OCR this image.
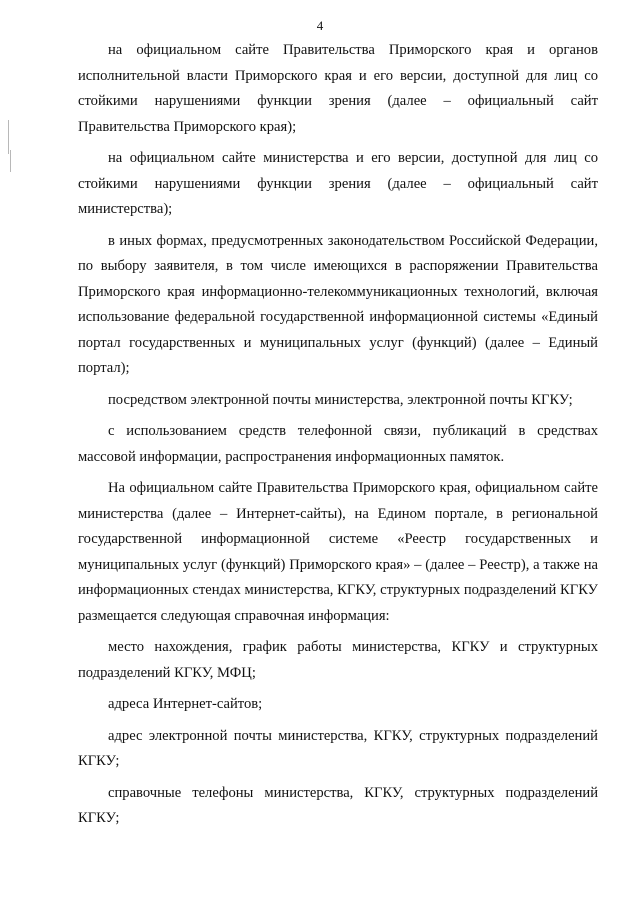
4

на официальном сайте Правительства Приморского края и органов исполнительной власти Приморского края и его версии, доступной для лиц со стойкими нарушениями функции зрения (далее – официальный сайт Правительства Приморского края);

на официальном сайте министерства и его версии, доступной для лиц со стойкими нарушениями функции зрения (далее – официальный сайт министерства);

в иных формах, предусмотренных законодательством Российской Федерации, по выбору заявителя, в том числе имеющихся в распоряжении Правительства Приморского края информационно-телекоммуникационных технологий, включая использование федеральной государственной информационной системы «Единый портал государственных и муниципальных услуг (функций) (далее – Единый портал);

посредством электронной почты министерства, электронной почты КГКУ;

с использованием средств телефонной связи, публикаций в средствах массовой информации, распространения информационных памяток.

На официальном сайте Правительства Приморского края, официальном сайте министерства (далее – Интернет-сайты), на Едином портале, в региональной государственной информационной системе «Реестр государственных и муниципальных услуг (функций) Приморского края» – (далее – Реестр), а также на информационных стендах министерства, КГКУ, структурных подразделений КГКУ размещается следующая справочная информация:

место нахождения, график работы министерства, КГКУ и структурных подразделений КГКУ, МФЦ;

адреса Интернет-сайтов;

адрес электронной почты министерства, КГКУ, структурных подразделений КГКУ;

справочные телефоны министерства, КГКУ, структурных подразделений КГКУ;
